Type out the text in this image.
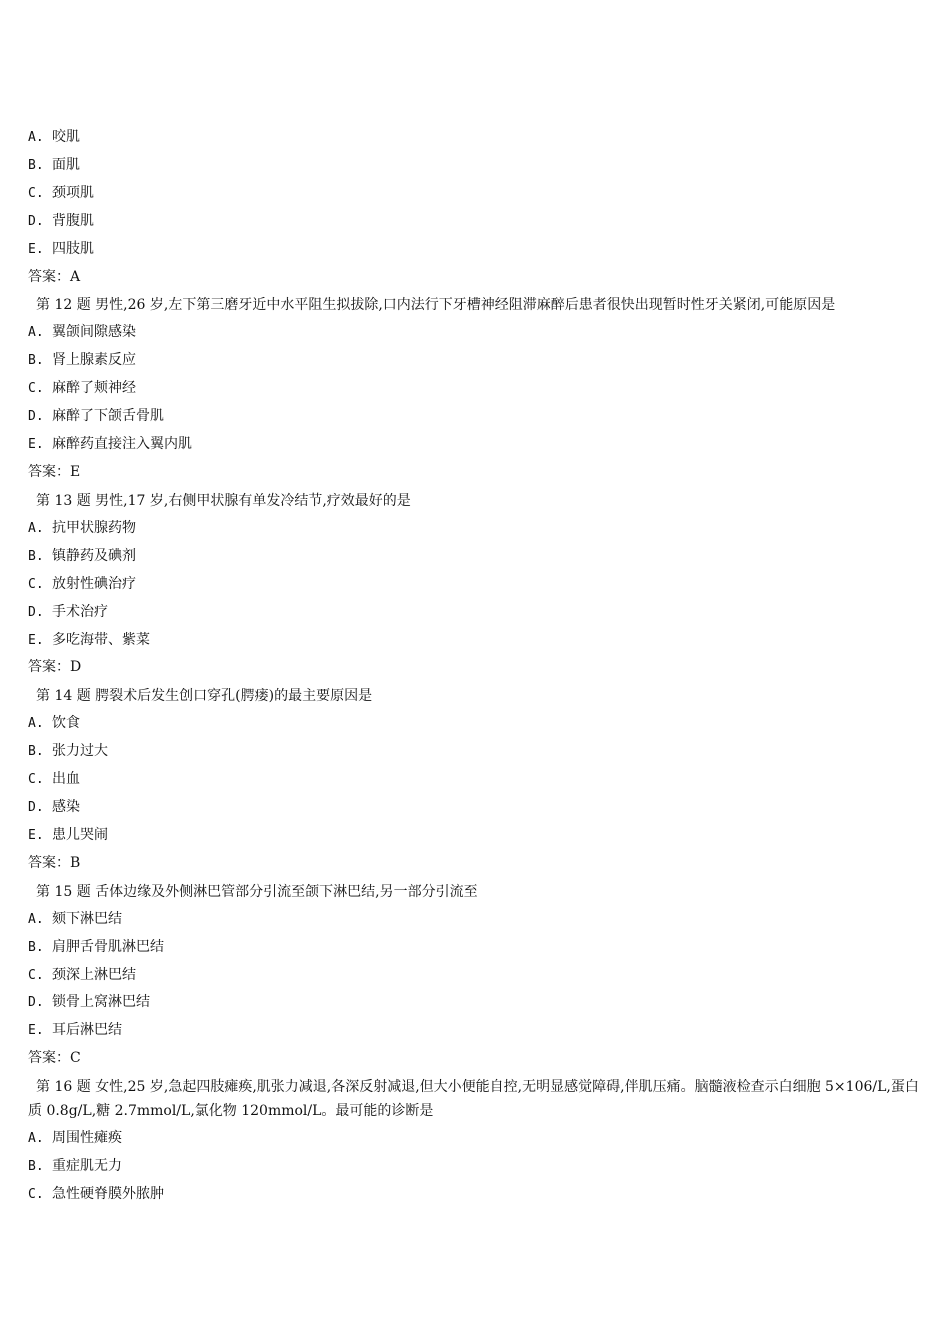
A. 咬肌
B. 面肌
C. 颈项肌
D. 背腹肌
E. 四肢肌
答案：A
第 12 题 男性,26 岁,左下第三磨牙近中水平阻生拟拔除,口内法行下牙槽神经阻滞麻醉后患者很快出现暂时性牙关紧闭,可能原因是
A. 翼颌间隙感染
B. 肾上腺素反应
C. 麻醉了颊神经
D. 麻醉了下颌舌骨肌
E. 麻醉药直接注入翼内肌
答案：E
第 13 题 男性,17 岁,右侧甲状腺有单发冷结节,疗效最好的是
A. 抗甲状腺药物
B. 镇静药及碘剂
C. 放射性碘治疗
D. 手术治疗
E. 多吃海带、紫菜
答案：D
第 14 题 腭裂术后发生创口穿孔(腭瘘)的最主要原因是
A. 饮食
B. 张力过大
C. 出血
D. 感染
E. 患儿哭闹
答案：B
第 15 题 舌体边缘及外侧淋巴管部分引流至颌下淋巴结,另一部分引流至
A. 颏下淋巴结
B. 肩胛舌骨肌淋巴结
C. 颈深上淋巴结
D. 锁骨上窝淋巴结
E. 耳后淋巴结
答案：C
第 16 题 女性,25 岁,急起四肢瘫痪,肌张力减退,各深反射减退,但大小便能自控,无明显感觉障碍,伴肌压痛。脑髓液检查示白细胞 5×106/L,蛋白质 0.8g/L,糖 2.7mmol/L,氯化物 120mmol/L。最可能的诊断是
A. 周围性瘫痪
B. 重症肌无力
C. 急性硬脊膜外脓肿
